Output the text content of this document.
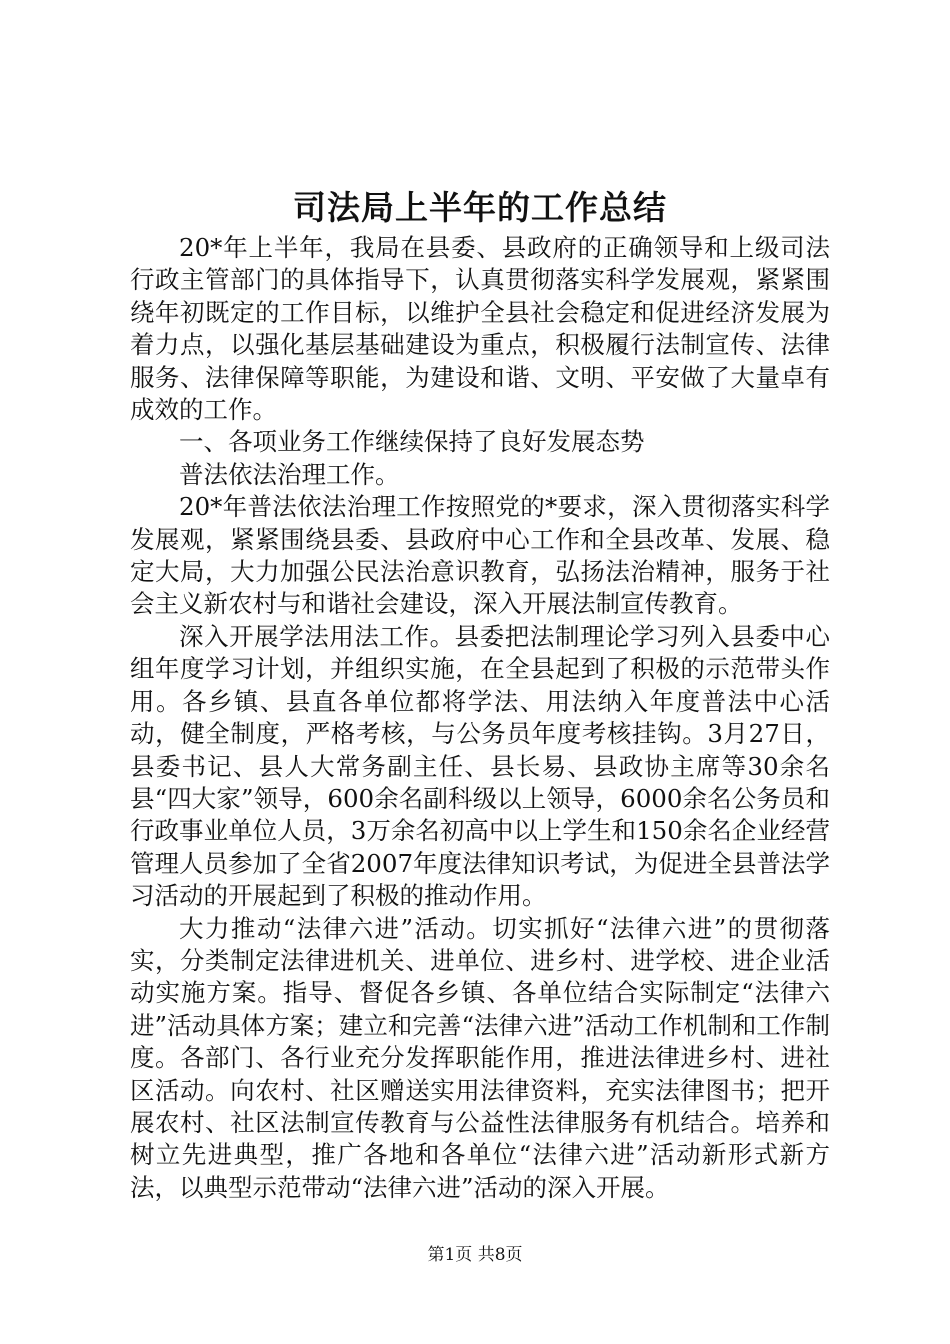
司法局上半年的工作总结

20*年上半年，我局在县委、县政府的正确领导和上级司法行政主管部门的具体指导下，认真贯彻落实科学发展观，紧紧围绕年初既定的工作目标，以维护全县社会稳定和促进经济发展为着力点，以强化基层基础建设为重点，积极履行法制宣传、法律服务、法律保障等职能，为建设和谐、文明、平安做了大量卓有成效的工作。

一、各项业务工作继续保持了良好发展态势

普法依法治理工作。

20*年普法依法治理工作按照党的*要求，深入贯彻落实科学发展观，紧紧围绕县委、县政府中心工作和全县改革、发展、稳定大局，大力加强公民法治意识教育，弘扬法治精神，服务于社会主义新农村与和谐社会建设，深入开展法制宣传教育。

深入开展学法用法工作。县委把法制理论学习列入县委中心组年度学习计划，并组织实施，在全县起到了积极的示范带头作用。各乡镇、县直各单位都将学法、用法纳入年度普法中心活动，健全制度，严格考核，与公务员年度考核挂钩。3月27日，县委书记、县人大常务副主任、县长易、县政协主席等30余名县“四大家”领导，600余名副科级以上领导，6000余名公务员和行政事业单位人员，3万余名初高中以上学生和150余名企业经营管理人员参加了全省2007年度法律知识考试，为促进全县普法学习活动的开展起到了积极的推动作用。

大力推动“法律六进”活动。切实抓好“法律六进”的贯彻落实，分类制定法律进机关、进单位、进乡村、进学校、进企业活动实施方案。指导、督促各乡镇、各单位结合实际制定“法律六进”活动具体方案；建立和完善“法律六进”活动工作机制和工作制度。各部门、各行业充分发挥职能作用，推进法律进乡村、进社区活动。向农村、社区赠送实用法律资料，充实法律图书；把开展农村、社区法制宣传教育与公益性法律服务有机结合。培养和树立先进典型，推广各地和各单位“法律六进”活动新形式新方法，以典型示范带动“法律六进”活动的深入开展。

第1页 共8页
